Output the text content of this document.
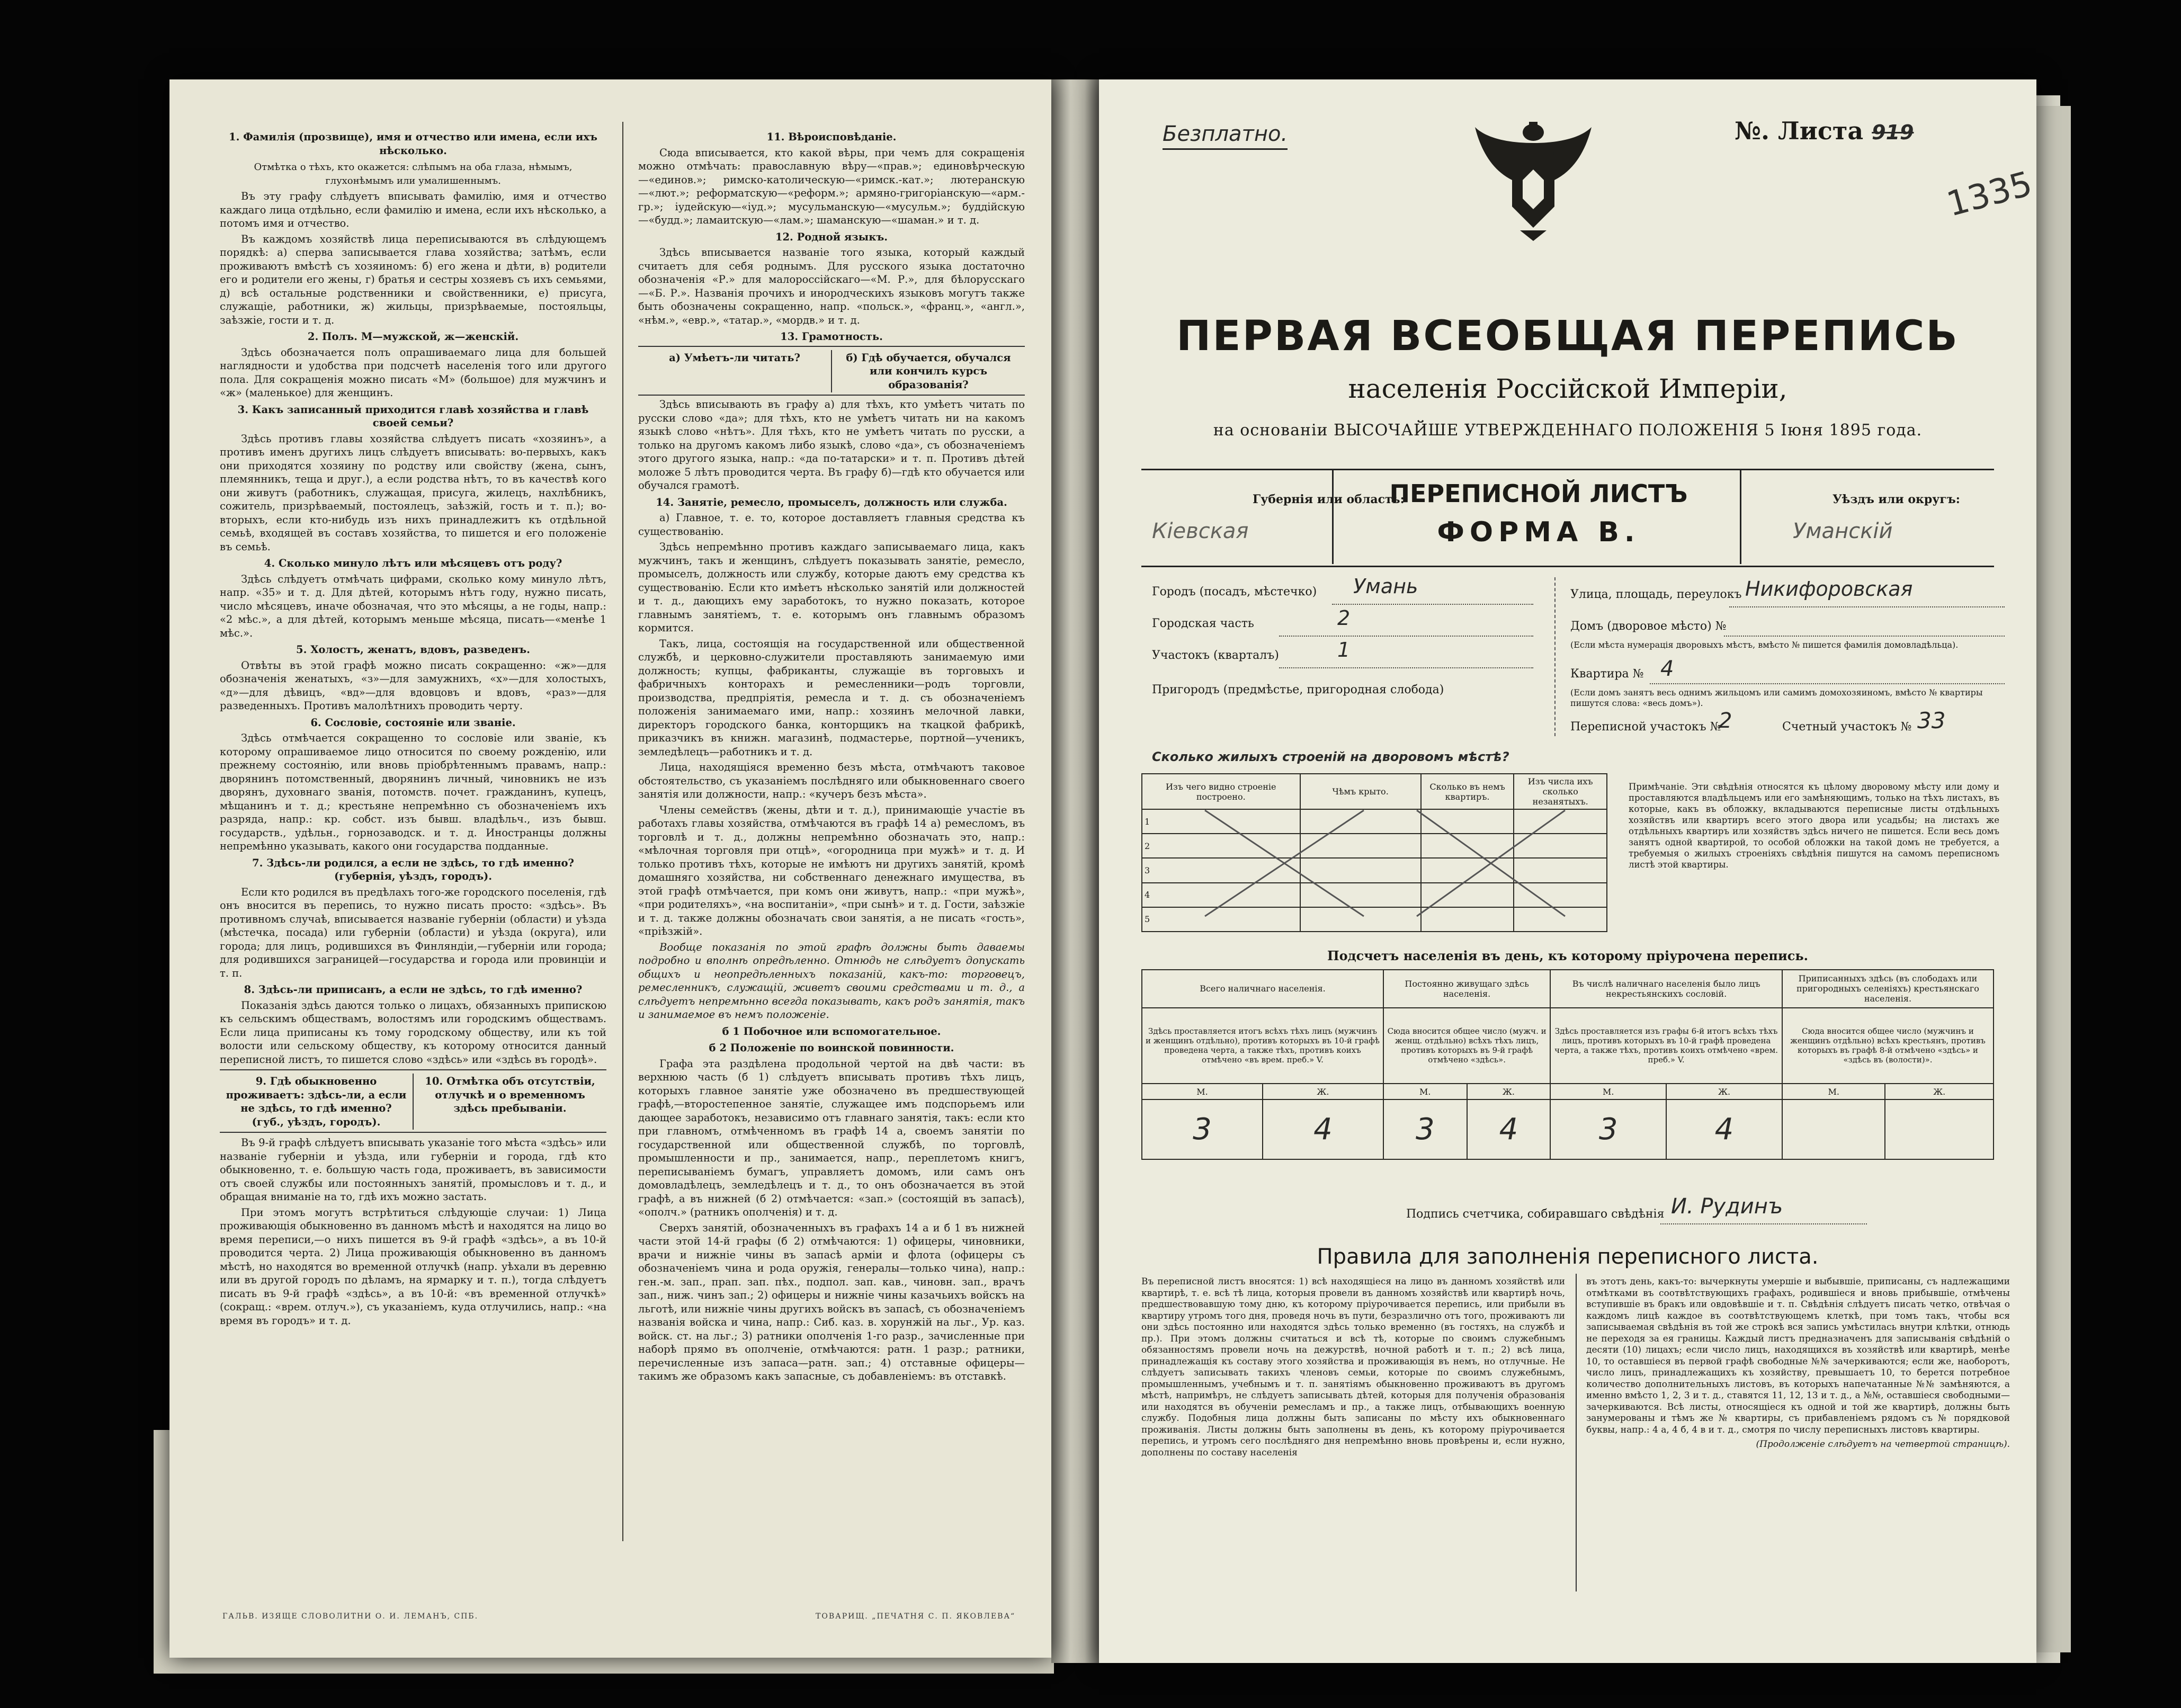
1. Фамилія (прозвище), имя и отчество или имена, если ихъ нѣсколько.
Отмѣтка о тѣхъ, кто окажется: слѣпымъ на оба глаза, нѣмымъ, глухонѣмымъ или умалишеннымъ.

Въ эту графу слѣдуетъ вписывать фамилію, имя и отчество каждаго лица отдѣльно, если фамилію и имена, если ихъ нѣсколько, а потомъ имя и отчество.

Въ каждомъ хозяйствѣ лица переписываются въ слѣдующемъ порядкѣ: а) сперва записывается глава хозяйства; затѣмъ, если проживаютъ вмѣстѣ съ хозяиномъ: б) его жена и дѣти, в) родители его и родители его жены, г) братья и сестры хозяевъ съ ихъ семьями, д) всѣ остальные родственники и свойственники, е) присуга, служащіе, работники, ж) жильцы, призрѣваемые, постояльцы, заѣзжіе, гости и т. д.

2. Полъ. М—мужской, ж—женскій.

Здѣсь обозначается полъ опрашиваемаго лица для большей наглядности и удобства при подсчетѣ населенія того или другого пола. Для сокращенія можно писать «М» (большое) для мужчинъ и «ж» (маленькое) для женщинъ.

3. Какъ записанный приходится главѣ хозяйства и главѣ своей семьи?

Здѣсь противъ главы хозяйства слѣдуетъ писать «хозяинъ», а противъ именъ другихъ лицъ слѣдуетъ вписывать: во-первыхъ, какъ они приходятся хозяину по родству или свойству (жена, сынъ, племянникъ, теща и друг.), а если родства нѣтъ, то въ качествѣ кого они живутъ (работникъ, служащая, присуга, жилецъ, нахлѣбникъ, сожитель, призрѣваемый, постоялецъ, заѣзжій, гость и т. п.); во-вторыхъ, если кто-нибудь изъ нихъ принадлежитъ къ отдѣльной семьѣ, входящей въ составъ хозяйства, то пишется и его положеніе въ семьѣ.

4. Сколько минуло лѣтъ или мѣсяцевъ отъ роду?

Здѣсь слѣдуетъ отмѣчать цифрами, сколько кому минуло лѣтъ, напр. «35» и т. д. Для дѣтей, которымъ нѣтъ году, нужно писать, число мѣсяцевъ, иначе обозначая, что это мѣсяцы, а не годы, напр.: «2 мѣс.», а для дѣтей, которымъ меньше мѣсяца, писать—«менѣе 1 мѣс.».

5. Холостъ, женатъ, вдовъ, разведенъ.

Отвѣты въ этой графѣ можно писать сокращенно: «ж»—для обозначенія женатыхъ, «з»—для замужнихъ, «х»—для холостыхъ, «д»—для дѣвицъ, «вд»—для вдовцовъ и вдовъ, «раз»—для разведенныхъ. Противъ малолѣтнихъ проводить черту.

6. Сословіе, состояніе или званіе.

Здѣсь отмѣчается сокращенно то сословіе или званіе, къ которому опрашиваемое лицо относится по своему рожденію, или прежнему состоянію, или вновь пріобрѣтеннымъ правамъ, напр.: дворянинъ потомственный, дворянинъ личный, чиновникъ не изъ дворянъ, духовнаго званія, потомств. почет. гражданинъ, купецъ, мѣщанинъ и т. д.; крестьяне непремѣнно съ обозначеніемъ ихъ разряда, напр.: кр. собст. изъ бывш. владѣльч., изъ бывш. государств., удѣльн., горнозаводск. и т. д. Иностранцы должны непремѣнно указывать, какого они государства подданные.

7. Здѣсь-ли родился, а если не здѣсь, то гдѣ именно? (губернія, уѣздъ, городъ).

Если кто родился въ предѣлахъ того-же городского поселенія, гдѣ онъ вносится въ перепись, то нужно писать просто: «здѣсь». Въ противномъ случаѣ, вписывается названіе губерніи (области) и уѣзда (мѣстечка, посада) или губерніи (области) и уѣзда (округа), или города; для лицъ, родившихся въ Финляндіи,—губерніи или города; для родившихся заграницей—государства и города или провинціи и т. п.

8. Здѣсь-ли приписанъ, а если не здѣсь, то гдѣ именно?

Показанія здѣсь даются только о лицахъ, обязанныхъ припискою къ сельскимъ обществамъ, волостямъ или городскимъ обществамъ. Если лица приписаны къ тому городскому обществу, или къ той волости или сельскому обществу, къ которому относится данный переписной листъ, то пишется слово «здѣсь» или «здѣсь въ городѣ».

9. Гдѣ обыкновенно проживаетъ: здѣсь-ли, а если не здѣсь, то гдѣ именно? (губ., уѣздъ, городъ).
10. Отмѣтка объ отсутствіи, отлучкѣ и о временномъ здѣсь пребываніи.

Въ 9-й графѣ слѣдуетъ вписывать указаніе того мѣста «здѣсь» или названіе губерніи и уѣзда, или губерніи и города, гдѣ кто обыкновенно, т. е. большую часть года, проживаетъ, въ зависимости отъ своей службы или постоянныхъ занятій, промысловъ и т. д., и обращая вниманіе на то, гдѣ ихъ можно застать.

При этомъ могутъ встрѣтиться слѣдующіе случаи: 1) Лица проживающія обыкновенно въ данномъ мѣстѣ и находятся на лицо во время переписи,—о нихъ пишется въ 9-й графѣ «здѣсь», а въ 10-й проводится черта. 2) Лица проживающія обыкновенно въ данномъ мѣстѣ, но находятся во временной отлучкѣ (напр. уѣхали въ деревню или въ другой городъ по дѣламъ, на ярмарку и т. п.), тогда слѣдуетъ писать въ 9-й графѣ «здѣсь», а въ 10-й: «въ временной отлучкѣ» (сокращ.: «врем. отлуч.»), съ указаніемъ, куда отлучились, напр.: «на время въ городъ» и т. д.

11. Вѣроисповѣданіе.

Сюда вписывается, кто какой вѣры, при чемъ для сокращенія можно отмѣчать: православную вѣру—«прав.»; единовѣрческую—«единов.»; римско-католическую—«римск.-кат.»; лютеранскую—«лют.»; реформатскую—«реформ.»; армяно-григоріанскую—«арм.-гр.»; іудейскую—«іуд.»; мусульманскую—«мусульм.»; буддійскую—«будд.»; ламаитскую—«лам.»; шаманскую—«шаман.» и т. д.

12. Родной языкъ.

Здѣсь вписывается названіе того языка, который каждый считаетъ для себя роднымъ. Для русского языка достаточно обозначенія «Р.» для малороссійскаго—«М. Р.», для бѣлорусскаго—«Б. Р.». Названія прочихъ и инородческихъ языковъ могутъ также быть обозначены сокращенно, напр. «польск.», «франц.», «англ.», «нѣм.», «евр.», «татар.», «мордв.» и т. д.

13. Грамотность.
а) Умѣетъ-ли читать?	б) Гдѣ обучается, обучался или кончилъ курсъ образованія?

Здѣсь вписывають въ графу а) для тѣхъ, кто умѣетъ читать по русски слово «да»; для тѣхъ, кто не умѣетъ читать ни на какомъ языкѣ слово «нѣтъ». Для тѣхъ, кто не умѣетъ читать по русски, а только на другомъ какомъ либо языкѣ, слово «да», съ обозначеніемъ этого другого языка, напр.: «да по-татарски» и т. п. Противъ дѣтей моложе 5 лѣтъ проводится черта. Въ графу б)—гдѣ кто обучается или обучался грамотѣ.

14. Занятіе, ремесло, промыселъ, должность или служба.

а) Главное, т. е. то, которое доставляетъ главныя средства къ существованію.

Здѣсь непремѣнно противъ каждаго записываемаго лица, какъ мужчинъ, такъ и женщинъ, слѣдуетъ показывать занятіе, ремесло, промыселъ, должность или службу, которые даютъ ему средства къ существованію. Если кто имѣетъ нѣсколько занятій или должностей и т. д., дающихъ ему заработокъ, то нужно показать, которое главнымъ занятіемъ, т. е. которымъ онъ главнымъ образомъ кормится.

Такъ, лица, состоящія на государственной или общественной службѣ, и церковно-служители проставляють занимаемую ими должность; купцы, фабриканты, служащіе въ торговыхъ и фабричныхъ конторахъ и ремесленники—родъ торговли, производства, предпріятія, ремесла и т. д. съ обозначеніемъ положенія занимаемаго ими, напр.: хозяинъ мелочной лавки, директоръ городского банка, конторщикъ на ткацкой фабрикѣ, приказчикъ въ книжн. магазинѣ, подмастерье, портной—ученикъ, земледѣлецъ—работникъ и т. д.

Лица, находящіяся временно безъ мѣста, отмѣчаютъ таковое обстоятельство, съ указаніемъ послѣдняго или обыкновеннаго своего занятія или должности, напр.: «кучеръ безъ мѣста».

Члены семействъ (жены, дѣти и т. д.), принимающіе участіе въ работахъ главы хозяйства, отмѣчаются въ графѣ 14 а) ремесломъ, въ торговлѣ и т. д., должны непремѣнно обозначать это, напр.: «мѣлочная торговля при отцѣ», «огородница при мужѣ» и т. д. И только противъ тѣхъ, которые не имѣютъ ни другихъ занятій, кромѣ домашняго хозяйства, ни собственнаго денежнаго имущества, въ этой графѣ отмѣчается, при комъ они живутъ, напр.: «при мужѣ», «при родителяхъ», «на воспитаніи», «при сынѣ» и т. д. Гости, заѣзжіе и т. д. также должны обозначать свои занятія, а не писать «гость», «пріѣзжій».

Вообще показанія по этой графѣ должны быть даваемы подробно и вполнѣ опредѣленно. Отнюдь не слѣдуетъ допускать общихъ и неопредѣленныхъ показаній, какъ-то: торговецъ, ремесленникъ, служащій, живетъ своими средствами и т. д., а слѣдуетъ непремѣнно всегда показывать, какъ родъ занятія, такъ и занимаемое въ немъ положеніе.

б 1 Побочное или вспомогательное.
б 2 Положеніе по воинской повинности.

Графа эта раздѣлена продольной чертой на двѣ части: въ верхнюю часть (б 1) слѣдуетъ вписывать противъ тѣхъ лицъ, которыхъ главное занятіе уже обозначено въ предшествующей графѣ,—второстепенное занятіе, служащее имъ подспорьемъ или дающее заработокъ, независимо отъ главнаго занятія, такъ: если кто при главномъ, отмѣченномъ въ графѣ 14 а, своемъ занятіи по государственной или общественной службѣ, по торговлѣ, промышленности и пр., занимается, напр., переплетомъ книгъ, переписываніемъ бумагъ, управляетъ домомъ, или самъ онъ домовладѣлецъ, земледѣлецъ и т. д., то онъ обозначается въ этой графѣ, а въ нижней (б 2) отмѣчается: «зап.» (состоящій въ запасѣ), «ополч.» (ратникъ ополченія) и т. д.

Сверхъ занятій, обозначенныхъ въ графахъ 14 а и б 1 въ нижней части этой 14-й графы (б 2) отмѣчаются: 1) офицеры, чиновники, врачи и нижніе чины въ запасѣ арміи и флота (офицеры съ обозначеніемъ чина и рода оружія, генералы—только чина), напр.: ген.-м. зап., прап. зап. пѣх., подпол. зап. кав., чиновн. зап., врачъ зап., ниж. чинъ зап.; 2) офицеры и нижніе чины казачьихъ войскъ на льготѣ, или нижніе чины другихъ войскъ въ запасѣ, съ обозначеніемъ названія войска и чина, напр.: Сиб. каз. в. хорунжій на льг., Ур. каз. войск. ст. на льг.; 3) ратники ополченія 1-го разр., зачисленные при наборѣ прямо въ ополченіе, отмѣчаются: ратн. 1 разр.; ратники, перечисленные изъ запаса—ратн. зап.; 4) отставные офицеры—такимъ же образомъ какъ запасные, съ добавленіемъ: въ отставкѣ.

ГАЛЬВ. ИЗЯЩЕ СЛОВОЛИТНИ О. И. ЛЕМАНЪ, СПБ.	ТОВАРИЩ. „ПЕЧАТНЯ С. П. ЯКОВЛЕВА“
Безплатно.	№. Листа 919
1335
ПЕРВАЯ ВСЕОБЩАЯ ПЕРЕПИСЬ
населенія Россійской Имперіи,
на основаніи ВЫСОЧАЙШЕ УТВЕРЖДЕННАГО ПОЛОЖЕНІЯ 5 Іюня 1895 года.
Губернія или область:
Кіевская
ПЕРЕПИСНОЙ ЛИСТЪ
ФОРМА В.
Уѣздъ или округъ:
Уманскій
Городъ (посадъ, мѣстечко) Умань
Городская часть	2
Участокъ (кварталъ)	1
Пригородъ (предмѣстье, пригородная слобода)
Улица, площадь, переулокъ Никифоровская
Домъ (дворовое мѣсто) №
(Если мѣста нумерація дворовыхъ мѣстъ, вмѣсто № пишется фамилія домовладѣльца).
Квартира № 4
(Если домъ занятъ весь однимъ жильцомъ или самимъ домохозяиномъ, вмѣсто № квартиры пишутся слова: «весь домъ»).
Переписной участокъ №
2	Счетный участокъ № 33
Сколько жилыхъ строеній на дворовомъ мѣстѣ?
Изъ чего видно строеніе построено.	Чѣмъ крыто.	Сколько въ немъ квартиръ.	Изъ числа ихъ сколько незанятыхъ.
1			
2			
3			
4			
5			
Примѣчаніе. Эти свѣдѣнія относятся къ цѣлому дворовому мѣсту или дому и проставляются владѣльцемъ или его замѣняющимъ, только на тѣхъ листахъ, въ которые, какъ въ обложку, вкладываются переписные листы отдѣльныхъ хозяйствъ или квартиръ всего этого двора или усадьбы; на листахъ же отдѣльныхъ квартиръ или хозяйствъ здѣсь ничего не пишется. Если весь домъ занятъ одной квартирой, то особой обложки на такой домъ не требуется, а требуемыя о жилыхъ строеніяхъ свѣдѣнія пишутся на самомъ переписномъ листѣ этой квартиры.
Подсчетъ населенія въ день, къ которому пріурочена перепись.
Всего наличнаго населенія.		Постоянно живущаго здѣсь населенія.		Въ числѣ наличнаго населенія было лицъ некрестьянскихъ сословій.		Приписанныхъ здѣсь (въ слободахъ или пригородныхъ селеніяхъ) крестьянскаго населенія.	
Здѣсь проставляется итогъ всѣхъ тѣхъ лицъ (мужчинъ и женщинъ отдѣльно), противъ которыхъ въ 10-й графѣ проведена черта, а также тѣхъ, противъ коихъ отмѣчено «въ врем. преб.» V.		Сюда вносится общее число (мужч. и женщ. отдѣльно) всѣхъ тѣхъ лицъ, противъ которыхъ въ 9-й графѣ отмѣчено «здѣсь».		Здѣсь проставляется изъ графы 6-й итогъ всѣхъ тѣхъ лицъ, противъ которыхъ въ 10-й графѣ проведена черта, а также тѣхъ, противъ коихъ отмѣчено «врем. преб.» V.		Сюда вносится общее число (мужчинъ и женщинъ отдѣльно) всѣхъ крестьянъ, противъ которыхъ въ графѣ 8-й отмѣчено «здѣсь» и «здѣсь въ (волости)».	
М.	Ж.	М.	Ж.	М.	Ж.	М.	Ж.
3	4	3	4	3	4		
Подпись счетчика, собиравшаго свѣдѣнія И. Рудинъ
Правила для заполненія переписного листа.
Въ переписной листъ вносятся: 1) всѣ находящіеся на лицо въ данномъ хозяйствѣ или квартирѣ, т. е. всѣ тѣ лица, которыя провели въ данномъ хозяйствѣ или квартирѣ ночь, предшествовавшую тому дню, къ которому пріурочивается перепись, или прибыли въ квартиру утромъ того дня, проведя ночь въ пути, безразлично отъ того, проживаютъ ли они здѣсь постоянно или находятся здѣсь только временно (въ гостяхъ, на службѣ и пр.). При этомъ должны считаться и всѣ тѣ, которые по своимъ служебнымъ обязанностямъ провели ночь на дежурствѣ, ночной работѣ и т. п.; 2) всѣ лица, принадлежащія къ составу этого хозяйства и проживающія въ немъ, но отлучные. Не слѣдуетъ записывать такихъ членовъ семьи, которые по своимъ служебнымъ, промышленнымъ, учебнымъ и т. п. занятіямъ обыкновенно проживаютъ въ другомъ мѣстѣ, напримѣръ, не слѣдуетъ записывать дѣтей, которыя для полученія образованія или находятся въ обученіи ремесламъ и пр., а также лицъ, отбывающихъ военную службу. Подобныя лица должны быть записаны по мѣсту ихъ обыкновеннаго проживанія. Листы должны быть заполнены въ день, къ которому пріурочивается перепись, и утромъ сего послѣдняго дня непремѣнно вновь провѣрены и, если нужно, дополнены по составу населенія
въ этотъ день, какъ-то: вычеркнуты умершіе и выбывшіе, приписаны, съ надлежащими отмѣтками въ соотвѣтствующихъ графахъ, родившіеся и вновь прибывшіе, отмѣчены вступившіе въ бракъ или овдовѣвшіе и т. п. Свѣдѣнія слѣдуетъ писать четко, отвѣчая о каждомъ лицѣ каждое въ соотвѣтствующемъ клеткѣ, при томъ такъ, чтобы вся записываемая свѣдѣнія въ той же строкѣ вся запись умѣстилась внутри клѣтки, отнюдь не переходя за ея границы. Каждый листъ предназначенъ для записыванія свѣдѣній о десяти (10) лицахъ; если число лицъ, находящихся въ хозяйствѣ или квартирѣ, менѣе 10, то оставшіеся въ первой графѣ свободные №№ зачеркиваются; если же, наоборотъ, число лицъ, принадлежащихъ къ хозяйству, превышаетъ 10, то берется потребное количество дополнительныхъ листовъ, въ которыхъ напечатанные №№ замѣняются, а именно вмѣсто 1, 2, 3 и т. д., ставятся 11, 12, 13 и т. д., а №№, оставшіеся свободными—зачеркиваются. Всѣ листы, относящіеся къ одной и той же квартирѣ, должны быть занумерованы и тѣмъ же № квартиры, съ прибавленіемъ рядомъ съ № порядковой буквы, напр.: 4 а, 4 б, 4 в и т. д., смотря по числу переписныхъ листовъ квартиры.
(Продолженіе слѣдуетъ на четвертой страницѣ).
